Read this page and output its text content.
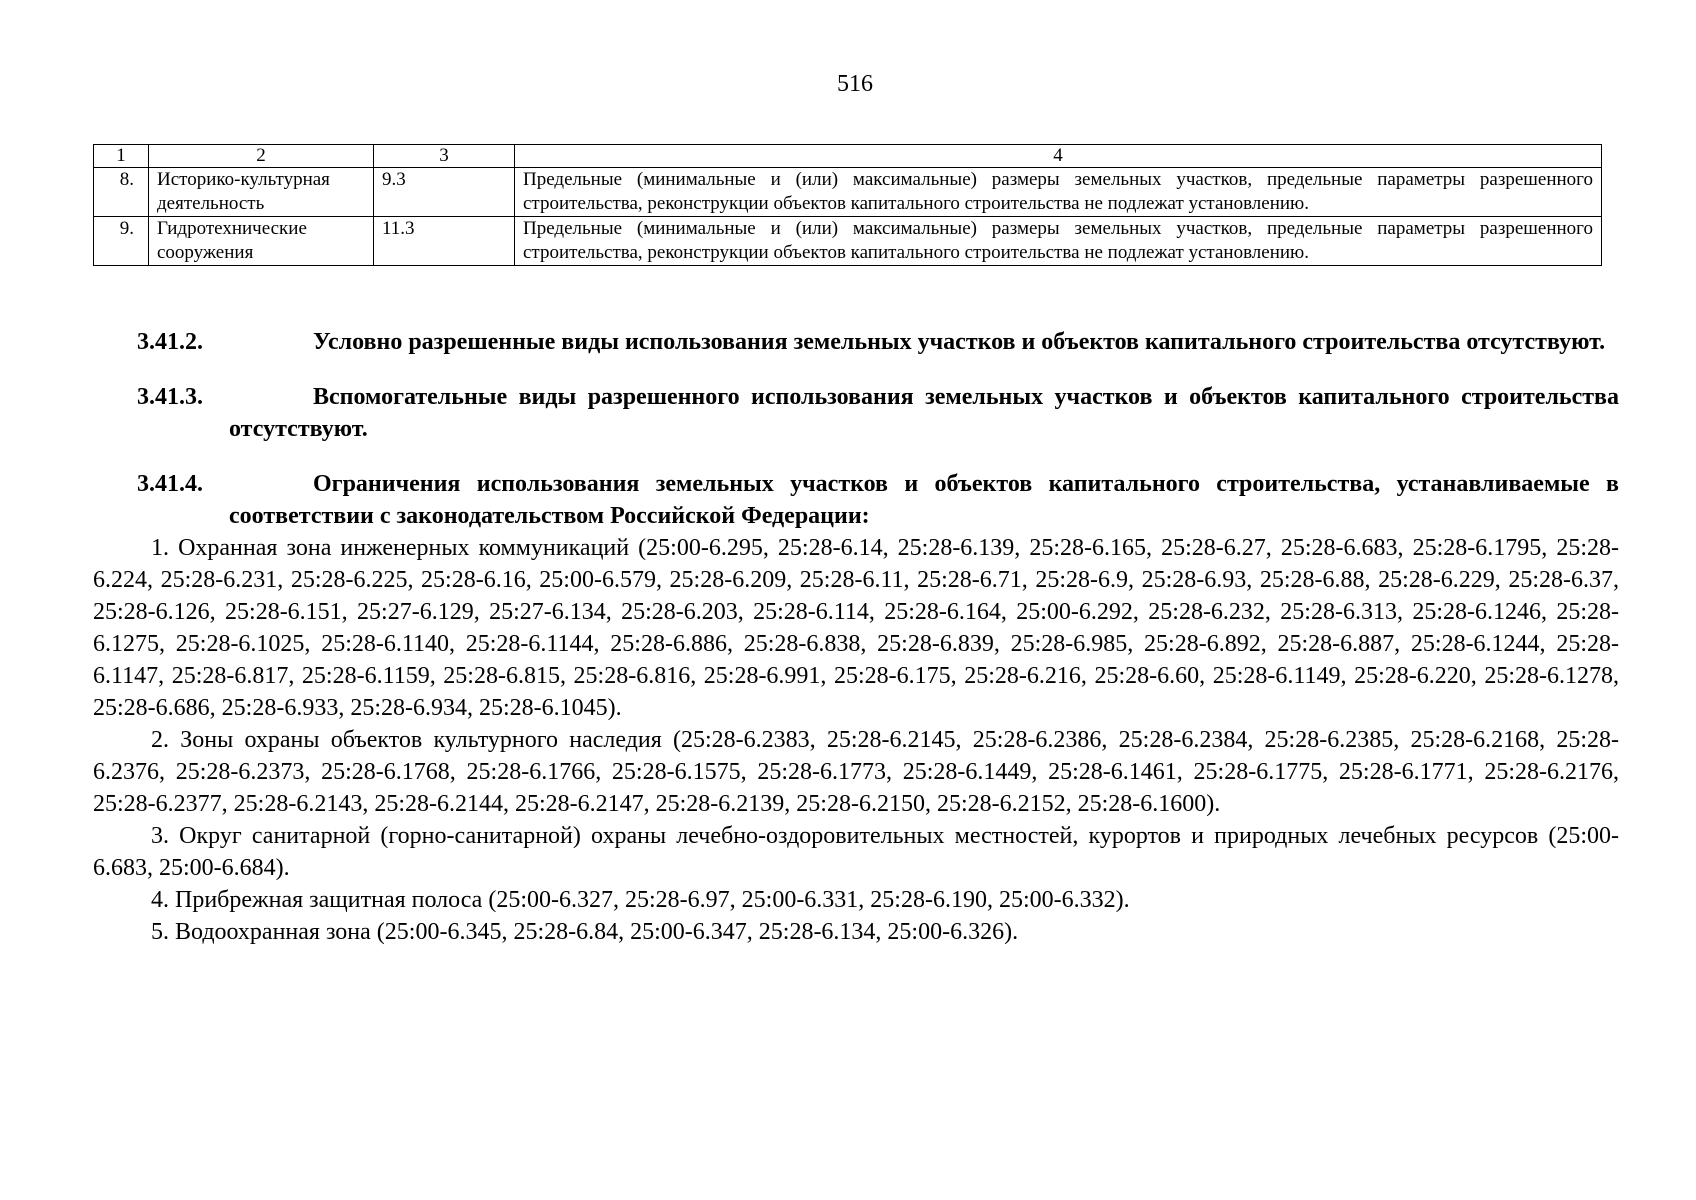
516
1	2	3	4
8.	Историко-культурная деятельность	9.3	Предельные (минимальные и (или) максимальные) размеры земельных участков, предельные параметры разрешенного строительства, реконструкции объектов капитального строительства не подлежат установлению.
9.	Гидротехнические сооружения	11.3	Предельные (минимальные и (или) максимальные) размеры земельных участков, предельные параметры разрешенного строительства, реконструкции объектов капитального строительства не подлежат установлению.

3.41.2.	Условно разрешенные виды использования земельных участков и объектов капитального строительства отсутствуют.

3.41.3.	Вспомогательные виды разрешенного использования земельных участков и объектов капитального строительства отсутствуют.

3.41.4.	Ограничения использования земельных участков и объектов капитального строительства, устанавливаемые в соответствии с законодательством Российской Федерации:

1. Охранная зона инженерных коммуникаций (25:00-6.295, 25:28-6.14, 25:28-6.139, 25:28-6.165, 25:28-6.27, 25:28-6.683, 25:28-6.1795, 25:28-6.224, 25:28-6.231, 25:28-6.225, 25:28-6.16, 25:00-6.579, 25:28-6.209, 25:28-6.11, 25:28-6.71, 25:28-6.9, 25:28-6.93, 25:28-6.88, 25:28-6.229, 25:28-6.37, 25:28-6.126, 25:28-6.151, 25:27-6.129, 25:27-6.134, 25:28-6.203, 25:28-6.114, 25:28-6.164, 25:00-6.292, 25:28-6.232, 25:28-6.313, 25:28-6.1246, 25:28-6.1275, 25:28-6.1025, 25:28-6.1140, 25:28-6.1144, 25:28-6.886, 25:28-6.838, 25:28-6.839, 25:28-6.985, 25:28-6.892, 25:28-6.887, 25:28-6.1244, 25:28-6.1147, 25:28-6.817, 25:28-6.1159, 25:28-6.815, 25:28-6.816, 25:28-6.991, 25:28-6.175, 25:28-6.216, 25:28-6.60, 25:28-6.1149, 25:28-6.220, 25:28-6.1278, 25:28-6.686, 25:28-6.933, 25:28-6.934, 25:28-6.1045).

2. Зоны охраны объектов культурного наследия (25:28-6.2383, 25:28-6.2145, 25:28-6.2386, 25:28-6.2384, 25:28-6.2385, 25:28-6.2168, 25:28-6.2376, 25:28-6.2373, 25:28-6.1768, 25:28-6.1766, 25:28-6.1575, 25:28-6.1773, 25:28-6.1449, 25:28-6.1461, 25:28-6.1775, 25:28-6.1771, 25:28-6.2176, 25:28-6.2377, 25:28-6.2143, 25:28-6.2144, 25:28-6.2147, 25:28-6.2139, 25:28-6.2150, 25:28-6.2152, 25:28-6.1600).

3. Округ санитарной (горно-санитарной) охраны лечебно-оздоровительных местностей, курортов и природных лечебных ресурсов (25:00-6.683, 25:00-6.684).

4. Прибрежная защитная полоса (25:00-6.327, 25:28-6.97, 25:00-6.331, 25:28-6.190, 25:00-6.332).

5. Водоохранная зона (25:00-6.345, 25:28-6.84, 25:00-6.347, 25:28-6.134, 25:00-6.326).
